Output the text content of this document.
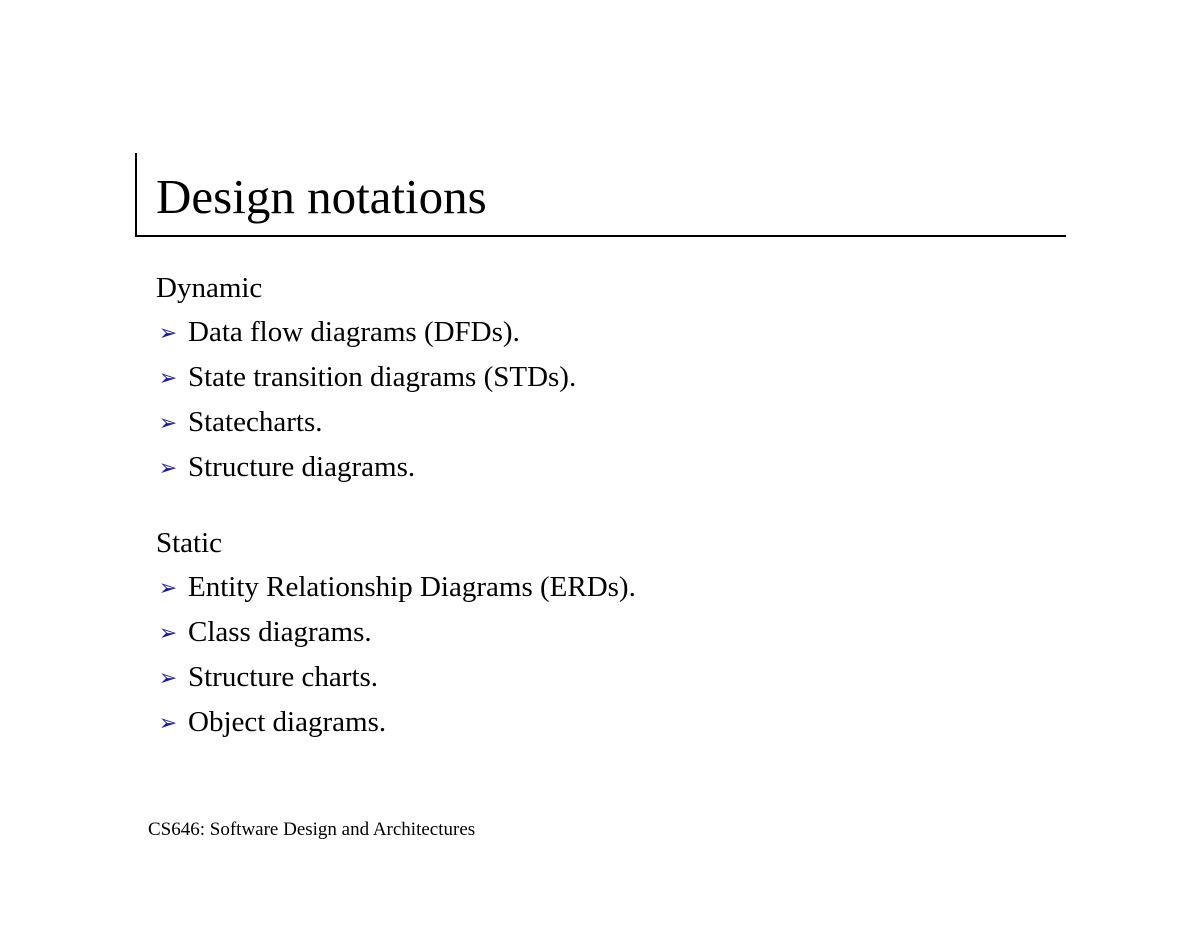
Design notations
Dynamic
➢ Data flow diagrams (DFDs).
➢ State transition diagrams (STDs).
➢ Statecharts.
➢ Structure diagrams.
Static
➢ Entity Relationship Diagrams (ERDs).
➢ Class diagrams.
➢ Structure charts.
➢ Object diagrams.
CS646: Software Design and Architectures
